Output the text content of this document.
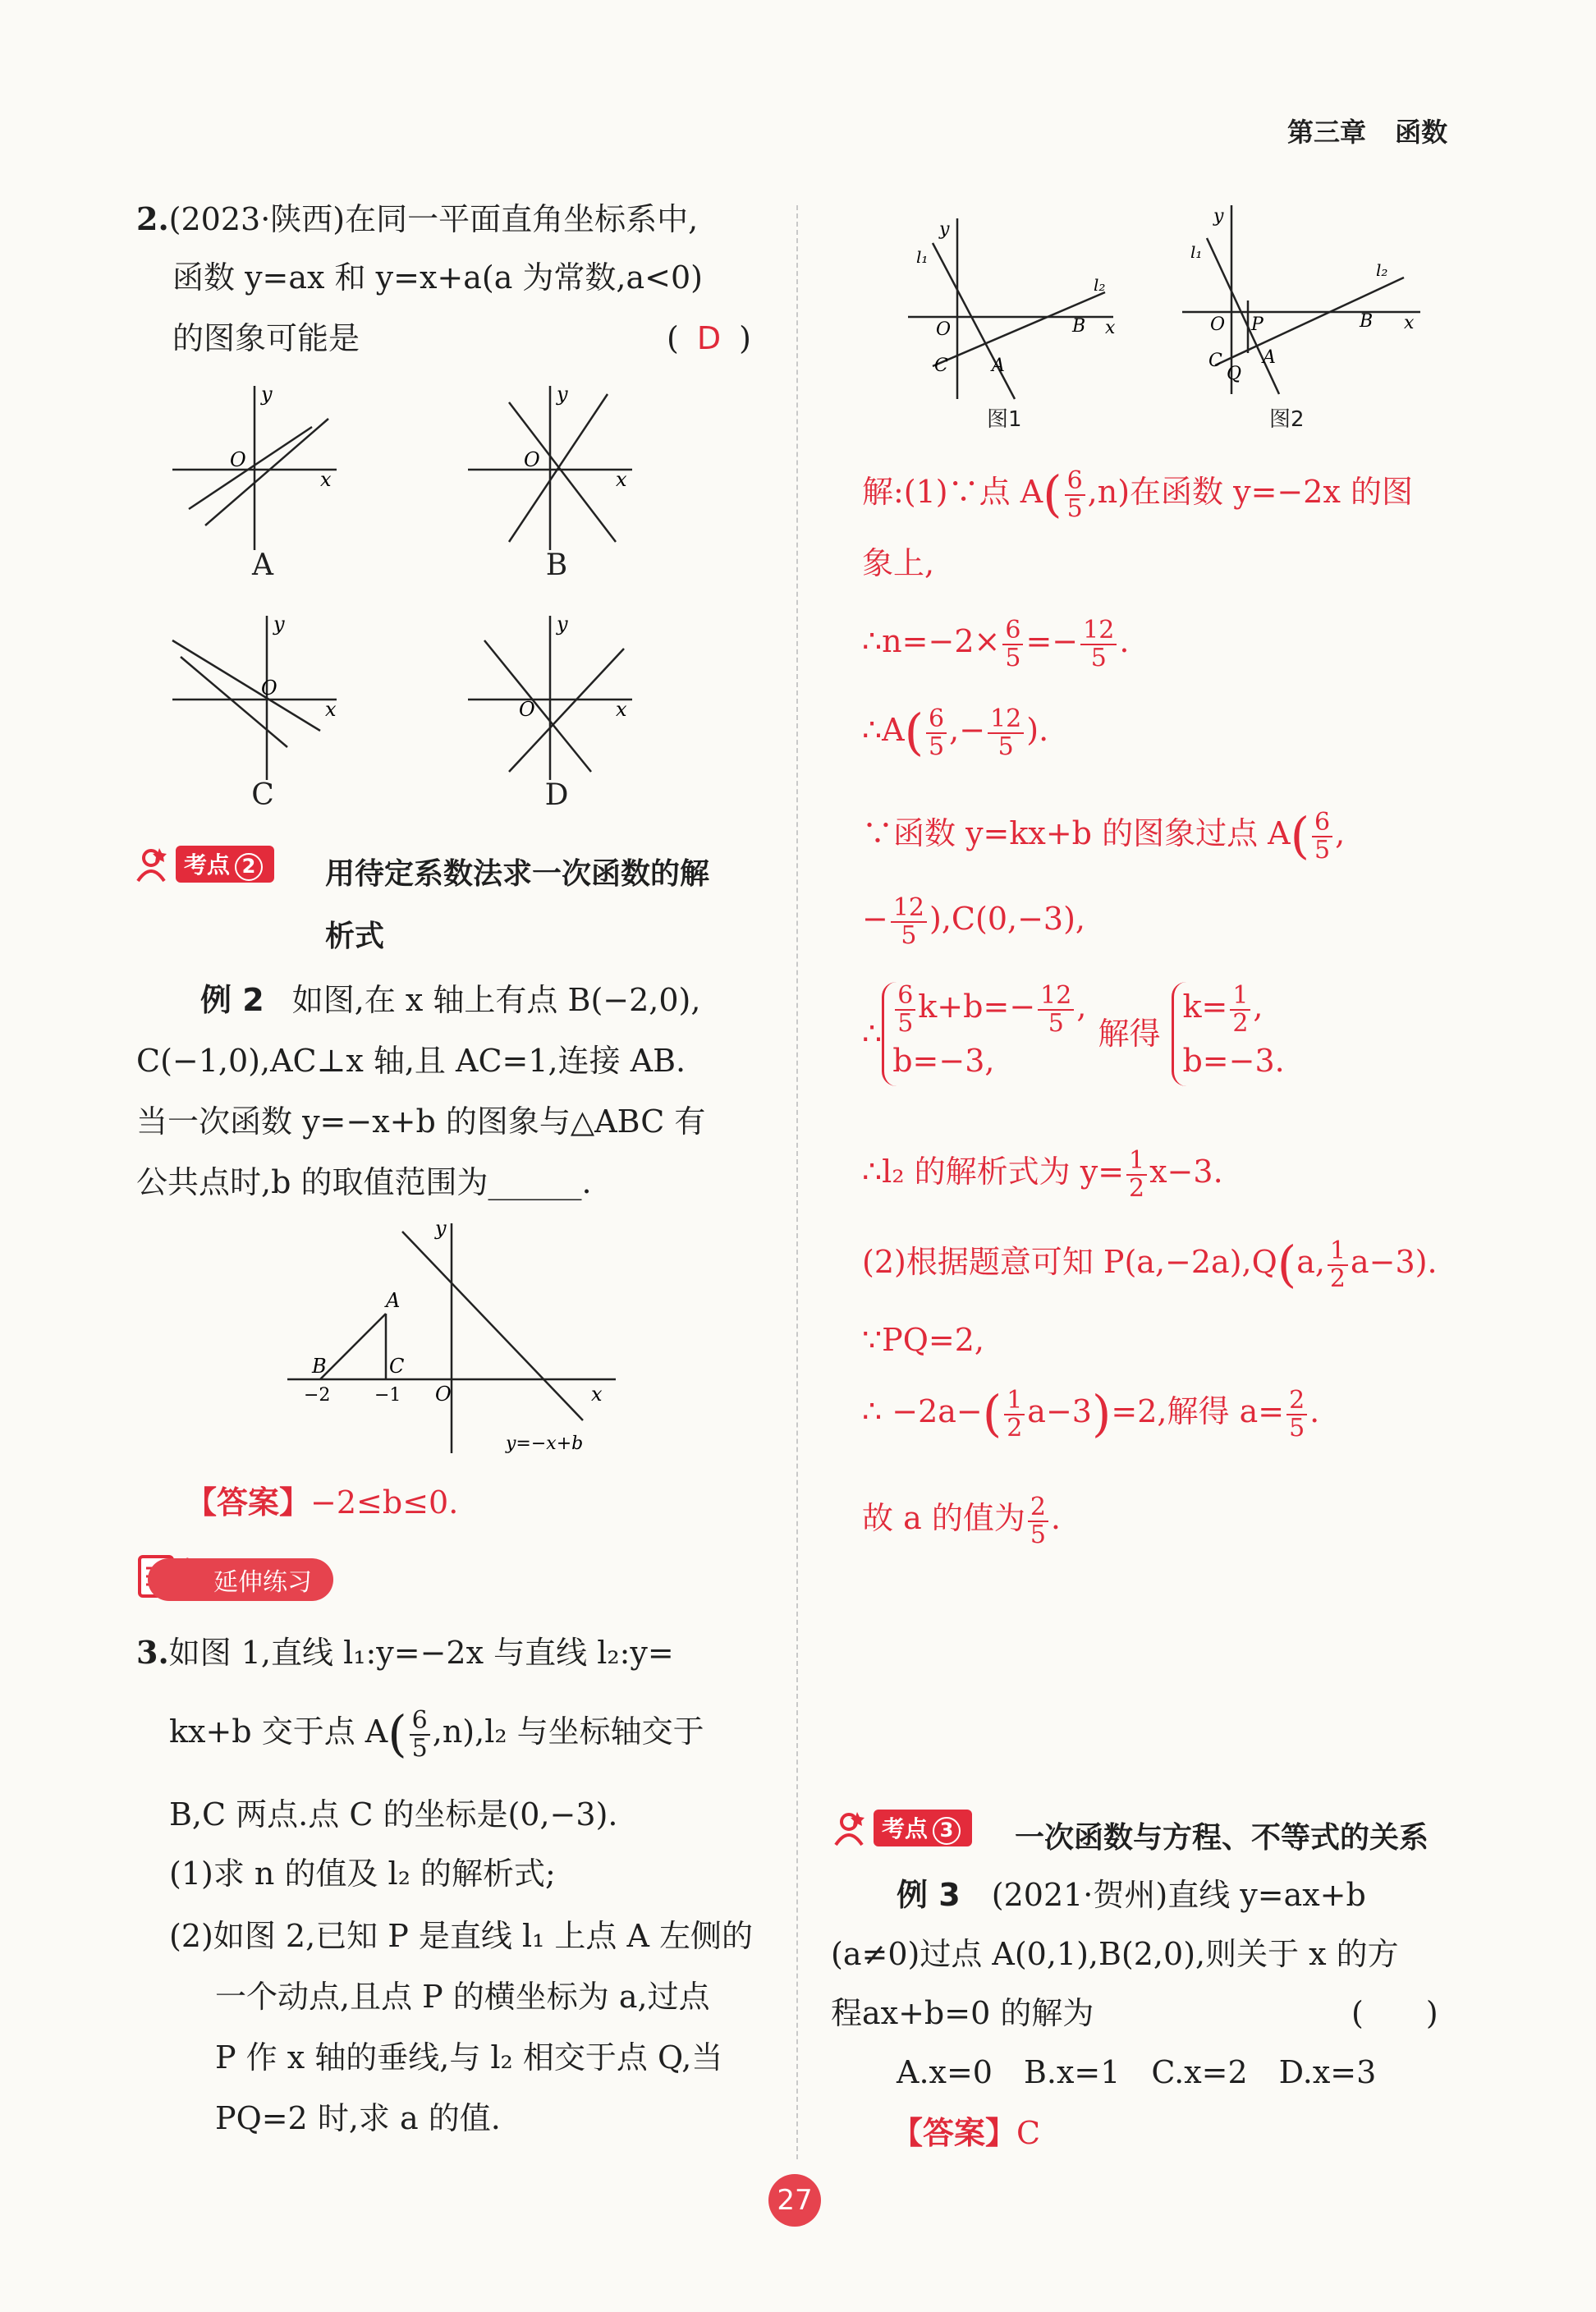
第三章 函数
2.(2023·陕西)在同一平面直角坐标系中,
函数 y=ax 和 y=x+a(a 为常数,a<0)
的图象可能是	( D )
y
x
O
A
y
x
O
B
y
x
O
C
y
x
O
D
考点 2	用待定系数法求一次函数的解
析式
例 2 如图,在 x 轴上有点 B(−2,0),
C(−1,0),AC⊥x 轴,且 AC=1,连接 AB.
当一次函数 y=−x+b 的图象与△ABC 有
公共点时,b 的取值范围为______.
y
x
O
A
B	C
−2 −1
y=−x+b
【答案】−2≤b≤0.
延伸练习
3.如图 1,直线 l₁:y=−2x 与直线 l₂:y=
kx+b 交于点 $A( \frac{6}{5} ,n),l_2$ 与坐标轴交于
B,C 两点.点 C 的坐标是(0,−3).
(1)求 n 的值及 l₂ 的解析式;
(2)如图 2,已知 P 是直线 l₁ 上点 A 左侧的
一个动点,且点 P 的横坐标为 a,过点
P 作 x 轴的垂线,与 l₂ 相交于点 Q,当
PQ=2 时,求 a 的值.
y
x
O
l₁
l₂
B
C A
图1
y
x
O
l₁
l₂
B
C A
P
Q
图2
解:(1)∵点 $A( \frac{6}{5} ,n)$在函数 y=−2x 的图
象上,
∴n=−2× $\frac{6}{5} =- \frac{12}{5}$ .
∴A( $\frac{6}{5}$ ,− $\frac{12}{5}$ ).
∵函数 y=kx+b 的图象过点 $A( \frac{6}{5}$ ,
− $\frac{12}{5} ),C(0,-3)$,
∴ $\frac{6}{5} k+b=- \frac{12}{5}$ ,
b=−3,
解得
$k= \frac{1}{2}$ ,
b=−3.
∴l₂ 的解析式为 $y= \frac{1}{2} x-3$.
(2)根据题意可知 P(a,−2a),Q(a, $\frac{1}{2} a-3$).
∵PQ=2,
∴ $-2a-( \frac{1}{2} a-3)=2$,解得 $a= \frac{2}{5}$ .
故 a 的值为 $\frac{2}{5}$ .
考点 3	一次函数与方程、不等式的关系
例 3 (2021·贺州)直线 y=ax+b
(a≠0)过点 A(0,1),B(2,0),则关于 x 的方
程ax+b=0 的解为	(　　)
A.x=0　B.x=1　C.x=2　D.x=3
【答案】C
27
